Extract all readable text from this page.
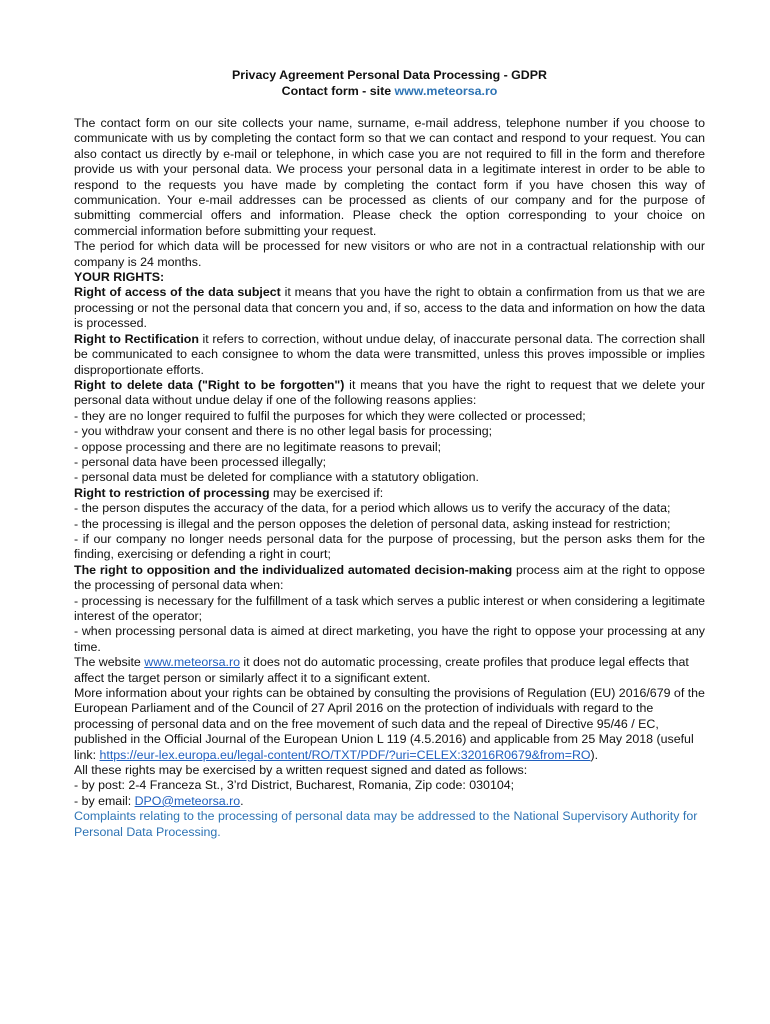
Privacy Agreement Personal Data Processing - GDPR
Contact form - site www.meteorsa.ro

The contact form on our site collects your name, surname, e-mail address, telephone number if you choose to communicate with us by completing the contact form so that we can contact and respond to your request. You can also contact us directly by e-mail or telephone, in which case you are not required to fill in the form and therefore provide us with your personal data. We process your personal data in a legitimate interest in order to be able to respond to the requests you have made by completing the contact form if you have chosen this way of communication. Your e-mail addresses can be processed as clients of our company and for the purpose of submitting commercial offers and information. Please check the option corresponding to your choice on commercial information before submitting your request.

The period for which data will be processed for new visitors or who are not in a contractual relationship with our company is 24 months.

YOUR RIGHTS:

Right of access of the data subject it means that you have the right to obtain a confirmation from us that we are processing or not the personal data that concern you and, if so, access to the data and information on how the data is processed.

Right to Rectification it refers to correction, without undue delay, of inaccurate personal data. The correction shall be communicated to each consignee to whom the data were transmitted, unless this proves impossible or implies disproportionate efforts.

Right to delete data ("Right to be forgotten") it means that you have the right to request that we delete your personal data without undue delay if one of the following reasons applies:

- they are no longer required to fulfil the purposes for which they were collected or processed;

- you withdraw your consent and there is no other legal basis for processing;

- oppose processing and there are no legitimate reasons to prevail;

- personal data have been processed illegally;

- personal data must be deleted for compliance with a statutory obligation.

Right to restriction of processing may be exercised if:

- the person disputes the accuracy of the data, for a period which allows us to verify the accuracy of the data;

- the processing is illegal and the person opposes the deletion of personal data, asking instead for restriction;

- if our company no longer needs personal data for the purpose of processing, but the person asks them for the finding, exercising or defending a right in court;

The right to opposition and the individualized automated decision-making process aim at the right to oppose the processing of personal data when:

- processing is necessary for the fulfillment of a task which serves a public interest or when considering a legitimate interest of the operator;

- when processing personal data is aimed at direct marketing, you have the right to oppose your processing at any time.

The website www.meteorsa.ro it does not do automatic processing, create profiles that produce legal effects that affect the target person or similarly affect it to a significant extent.

More information about your rights can be obtained by consulting the provisions of Regulation (EU) 2016/679 of the European Parliament and of the Council of 27 April 2016 on the protection of individuals with regard to the processing of personal data and on the free movement of such data and the repeal of Directive 95/46 / EC, published in the Official Journal of the European Union L 119 (4.5.2016) and applicable from 25 May 2018 (useful link: https://eur-lex.europa.eu/legal-content/RO/TXT/PDF/?uri=CELEX:32016R0679&from=RO).

All these rights may be exercised by a written request signed and dated as follows:

- by post: 2-4 Franceza St., 3’rd District, Bucharest, Romania, Zip code: 030104;

- by email: DPO@meteorsa.ro.

Complaints relating to the processing of personal data may be addressed to the National Supervisory Authority for Personal Data Processing.
